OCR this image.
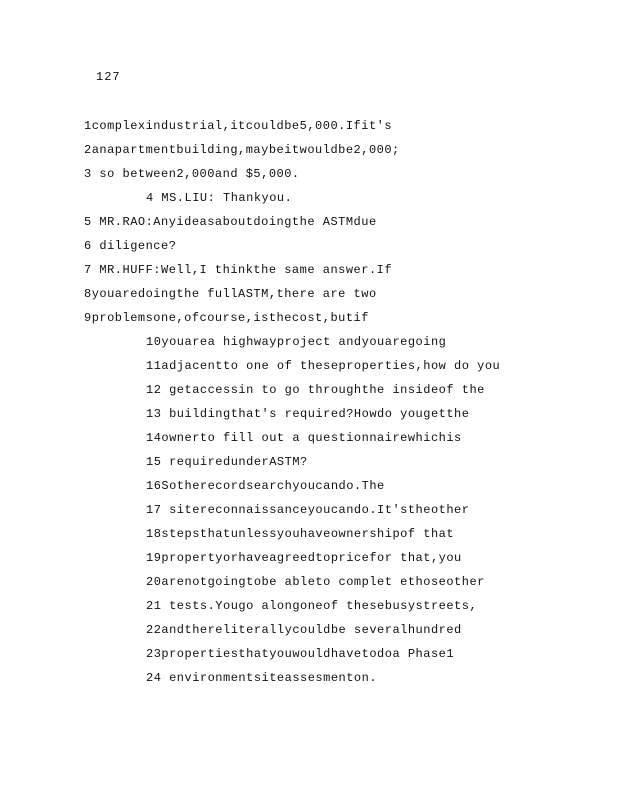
127
1complexindustrial,itcouldbe5,000.Ifit's
2anapartmentbuilding,maybeitwouldbe2,000;
3 so between2,000and $5,000.
4 MS.LIU: Thankyou.
5 MR.RAO:Anyideasaboutdoingthe ASTMdue
6 diligence?
7 MR.HUFF:Well,I thinkthe same answer.If
8youaredoingthe fullASTM,there are two
9problemsone,ofcourse,isthecost,butif
10youarea highwayproject andyouaregoing
11adjacentto one of theseproperties,how do you
12 getaccessin to go throughthe insideof the
13 buildingthat's required?Howdo yougetthe
14ownerto fill out a questionnairewhichis
15 requiredunderASTM?
16Sotherecordsearchyoucando.The
17 sitereconnaissanceyoucando.It'stheother
18stepsthatunlessyouhaveownershipof that
19propertyorhaveagreedtopricefor that,you
20arenotgoingtobe ableto complet ethoseother
21 tests.Yougo alongoneof thesebusystreets,
22andthereliterallycouldbe severalhundred
23propertiesthatyouwouldhavetodoa Phase1
24 environmentsiteassesmenton.
